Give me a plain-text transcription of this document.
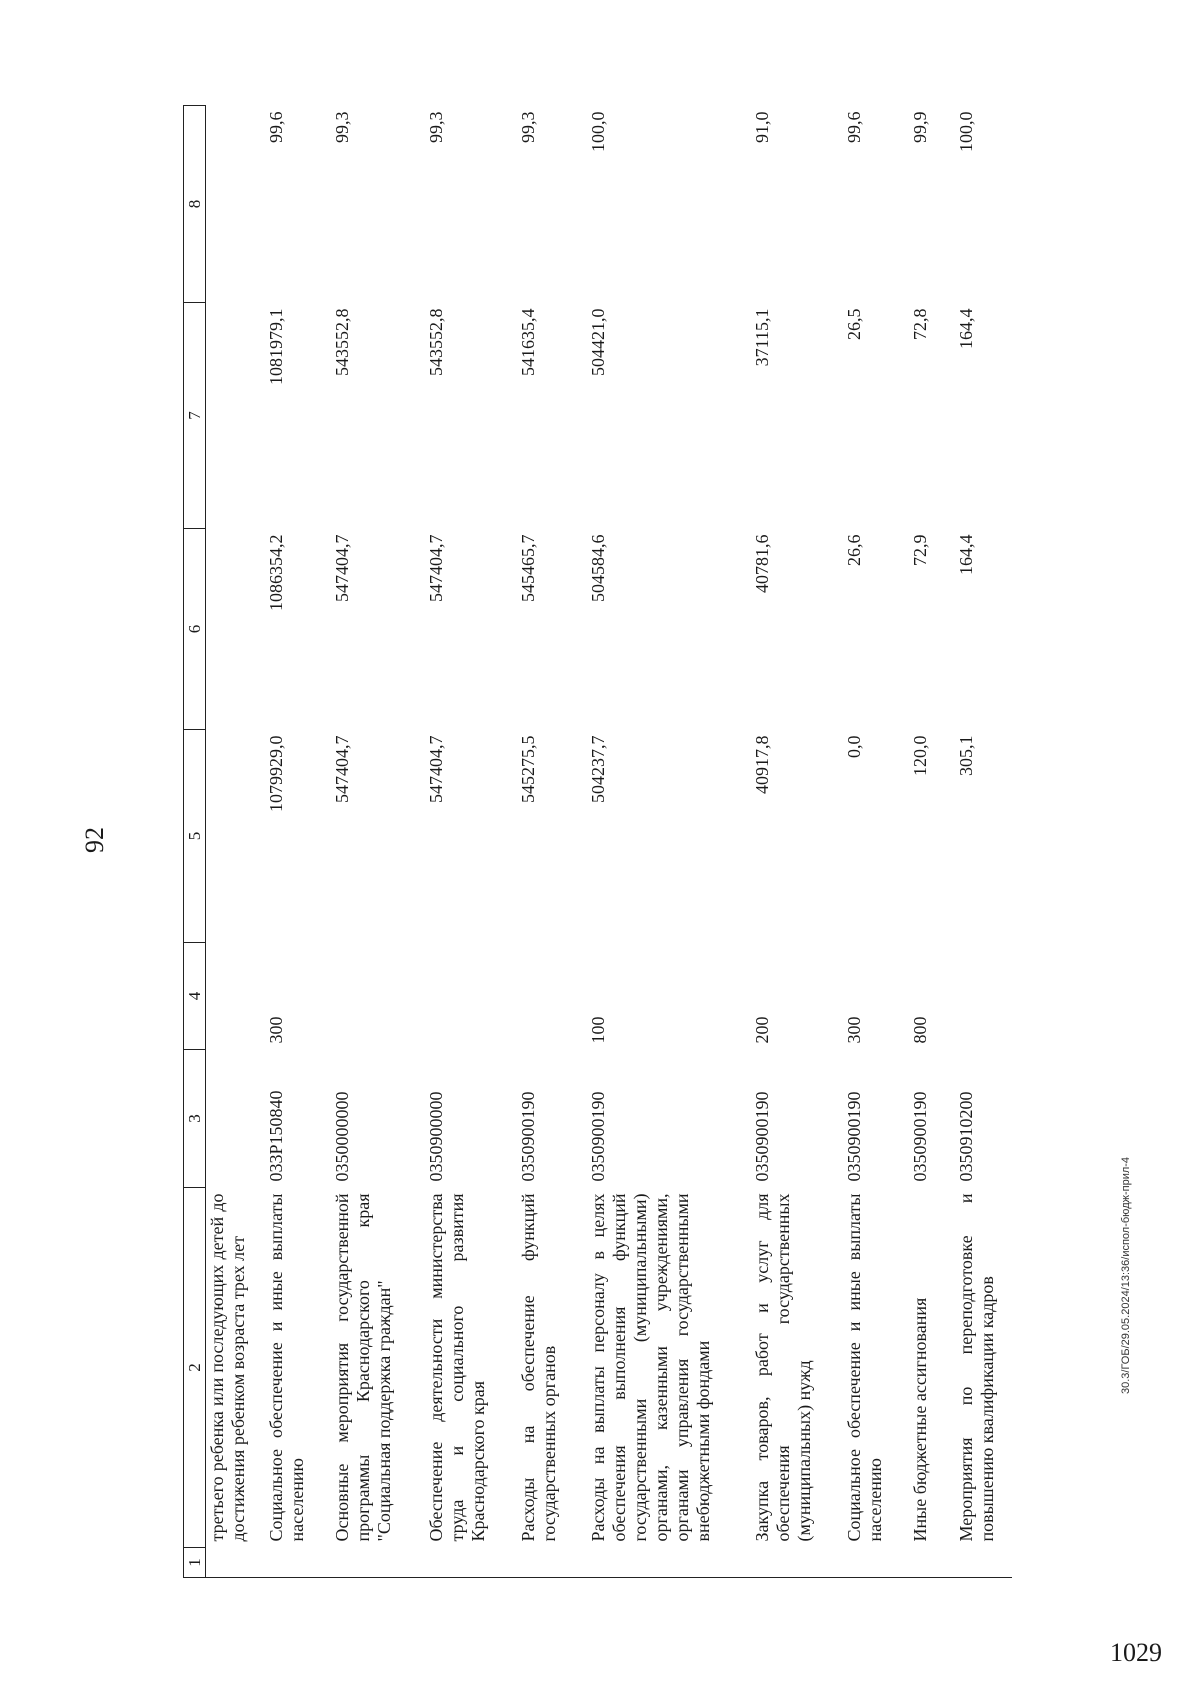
92
1	2	3	4	5	6	7	8
	третьего ребенка или последующих детей до достижения ребенком возраста трех лет						
	Социальное обеспечение и иные выплаты населению	033P150840	300	1079929,0	1086354,2	1081979,1	99,6
	Основные мероприятия государственной программы Краснодарского края "Социальная поддержка граждан"	0350000000		547404,7	547404,7	543552,8	99,3
	Обеспечение деятельности министерства труда и социального развития Краснодарского края	0350900000		547404,7	547404,7	543552,8	99,3
	Расходы на обеспечение функций государственных органов	0350900190		545275,5	545465,7	541635,4	99,3
	Расходы на выплаты персоналу в целях обеспечения выполнения функций государственными (муниципальными) органами, казенными учреждениями, органами управления государственными внебюджетными фондами	0350900190	100	504237,7	504584,6	504421,0	100,0
	Закупка товаров, работ и услуг для обеспечения государственных (муниципальных) нужд	0350900190	200	40917,8	40781,6	37115,1	91,0
	Социальное обеспечение и иные выплаты населению	0350900190	300	0,0	26,6	26,5	99,6
	Иные бюджетные ассигнования	0350900190	800	120,0	72,9	72,8	99,9
	Мероприятия по переподготовке и повышению квалификации кадров	0350910200		305,1	164,4	164,4	100,0
30.3/ГОБ/29.05.2024/13:36/испол-бюдж-прил-4
1029
